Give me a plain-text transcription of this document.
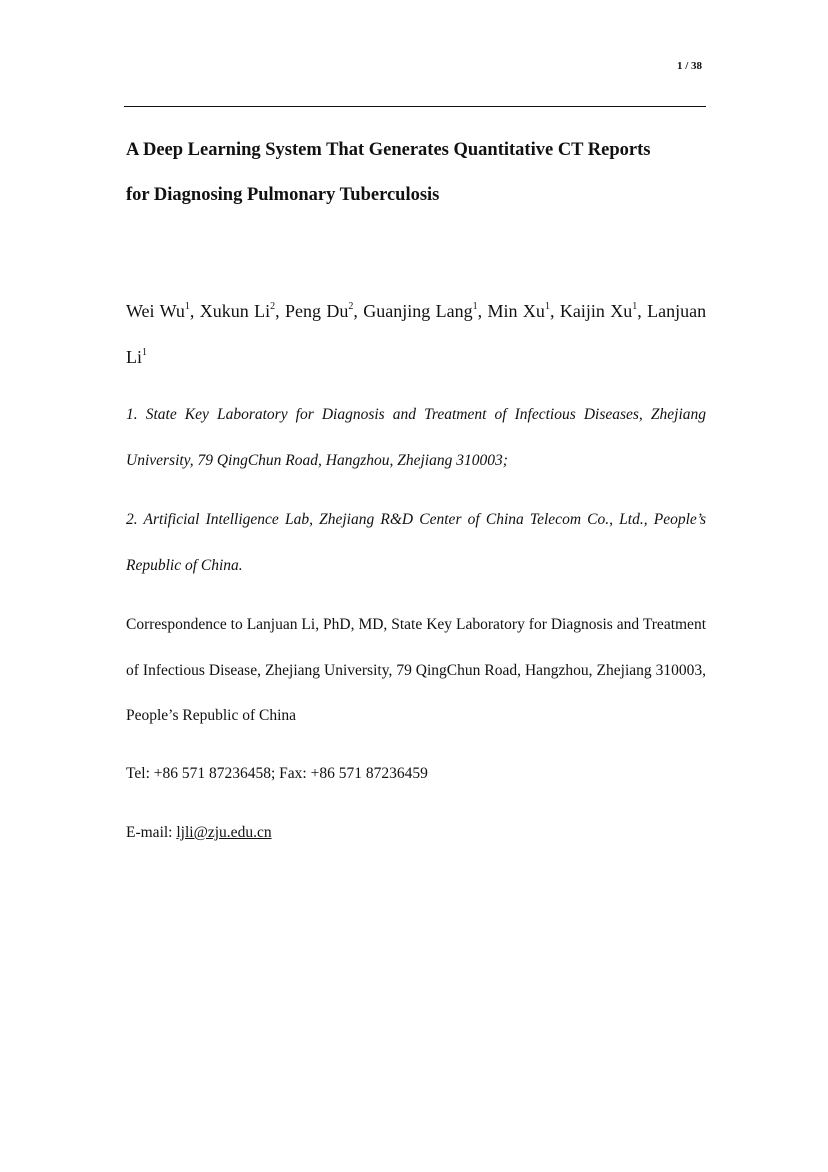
1 / 38
A Deep Learning System That Generates Quantitative CT Reports
for Diagnosing Pulmonary Tuberculosis

Wei Wu$^1$, Xukun Li$^2$, Peng Du$^2$, Guanjing Lang$^1$, Min Xu$^1$, Kaijin Xu$^1$, Lanjuan Li$^1$

1. State Key Laboratory for Diagnosis and Treatment of Infectious Diseases, Zhejiang University, 79 QingChun Road, Hangzhou, Zhejiang 310003;

2. Artificial Intelligence Lab, Zhejiang R&D Center of China Telecom Co., Ltd., People’s Republic of China.

Correspondence to Lanjuan Li, PhD, MD, State Key Laboratory for Diagnosis and Treatment of Infectious Disease, Zhejiang University, 79 QingChun Road, Hangzhou, Zhejiang 310003, People’s Republic of China

Tel: +86 571 87236458; Fax: +86 571 87236459

E-mail: ljli@zju.edu.cn
